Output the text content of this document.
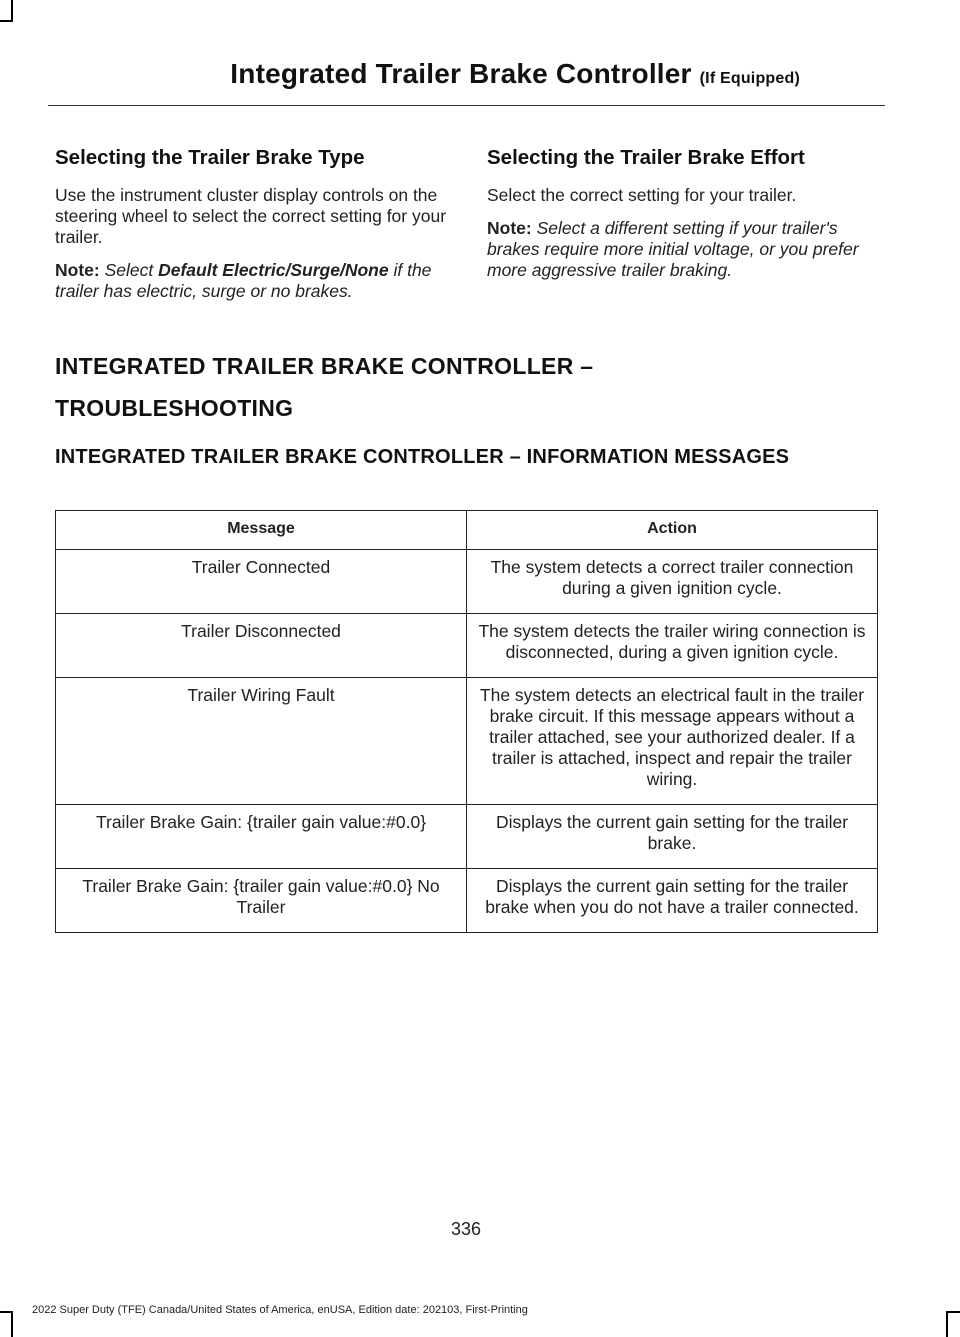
Integrated Trailer Brake Controller (If Equipped)
Selecting the Trailer Brake Type

Use the instrument cluster display controls on the steering wheel to select the correct setting for your trailer.

Note: Select Default Electric/Surge/None if the trailer has electric, surge or no brakes.

Selecting the Trailer Brake Effort

Select the correct setting for your trailer.

Note: Select a different setting if your trailer's brakes require more initial voltage, or you prefer more aggressive trailer braking.

INTEGRATED TRAILER BRAKE CONTROLLER –
TROUBLESHOOTING
INTEGRATED TRAILER BRAKE CONTROLLER – INFORMATION MESSAGES
Message	Action
Trailer Connected	The system detects a correct trailer connection during a given ignition cycle.
Trailer Disconnected	The system detects the trailer wiring connection is disconnected, during a given ignition cycle.
Trailer Wiring Fault	The system detects an electrical fault in the trailer brake circuit. If this message appears without a trailer attached, see your authorized dealer. If a trailer is attached, inspect and repair the trailer wiring.
Trailer Brake Gain: {trailer gain value:#0.0}	Displays the current gain setting for the trailer brake.
Trailer Brake Gain: {trailer gain value:#0.0} No Trailer	Displays the current gain setting for the trailer brake when you do not have a trailer connected.
336
2022 Super Duty (TFE) Canada/United States of America, enUSA, Edition date: 202103, First-Printing
